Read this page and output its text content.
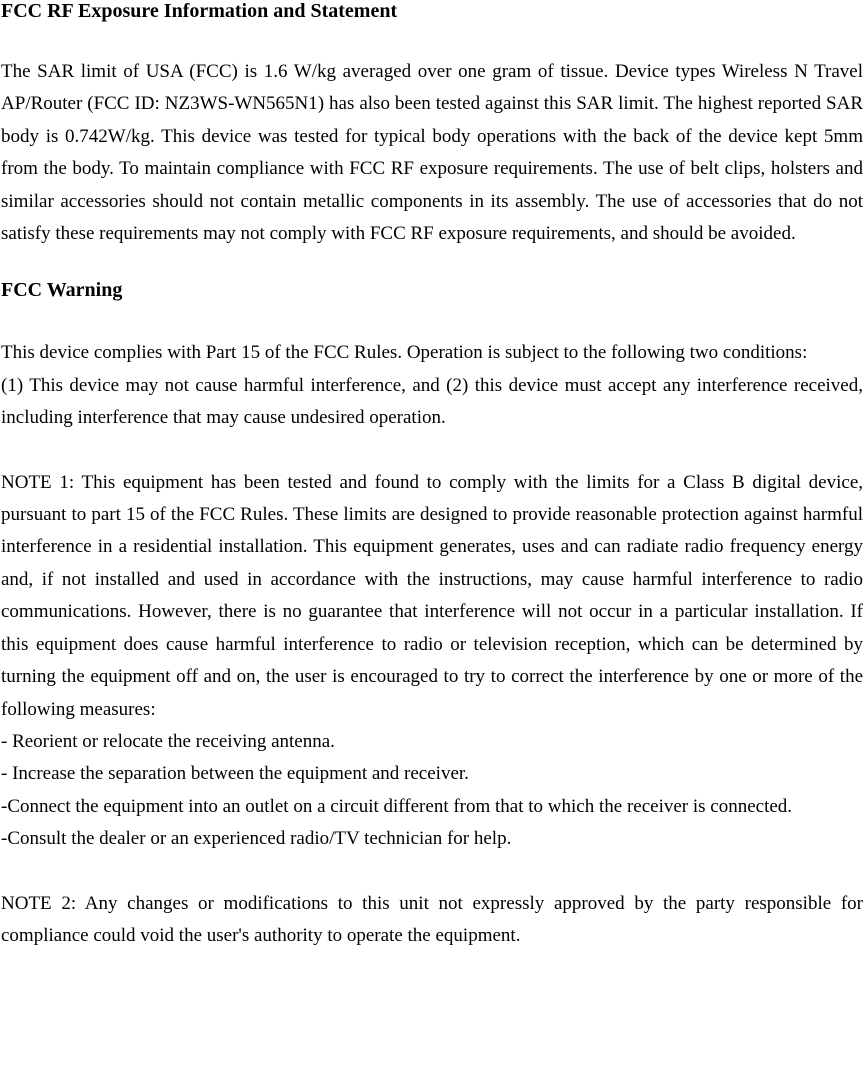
FCC RF Exposure Information and Statement

The SAR limit of USA (FCC) is 1.6 W/kg averaged over one gram of tissue. Device types Wireless N Travel AP/Router (FCC ID: NZ3WS-WN565N1) has also been tested against this SAR limit. The highest reported SAR body is 0.742W/kg. This device was tested for typical body operations with the back of the device kept 5mm from the body. To maintain compliance with FCC RF exposure requirements. The use of belt clips, holsters and similar accessories should not contain metallic components in its assembly. The use of accessories that do not satisfy these requirements may not comply with FCC RF exposure requirements, and should be avoided.

FCC Warning

This device complies with Part 15 of the FCC Rules. Operation is subject to the following two conditions:

(1) This device may not cause harmful interference, and (2) this device must accept any interference received, including interference that may cause undesired operation.

NOTE 1: This equipment has been tested and found to comply with the limits for a Class B digital device, pursuant to part 15 of the FCC Rules. These limits are designed to provide reasonable protection against harmful interference in a residential installation. This equipment generates, uses and can radiate radio frequency energy and, if not installed and used in accordance with the instructions, may cause harmful interference to radio communications. However, there is no guarantee that interference will not occur in a particular installation. If this equipment does cause harmful interference to radio or television reception, which can be determined by turning the equipment off and on, the user is encouraged to try to correct the interference by one or more of the following measures:

- Reorient or relocate the receiving antenna.

- Increase the separation between the equipment and receiver.

-Connect the equipment into an outlet on a circuit different from that to which the receiver is connected.

-Consult the dealer or an experienced radio/TV technician for help.

NOTE 2: Any changes or modifications to this unit not expressly approved by the party responsible for compliance could void the user's authority to operate the equipment.
